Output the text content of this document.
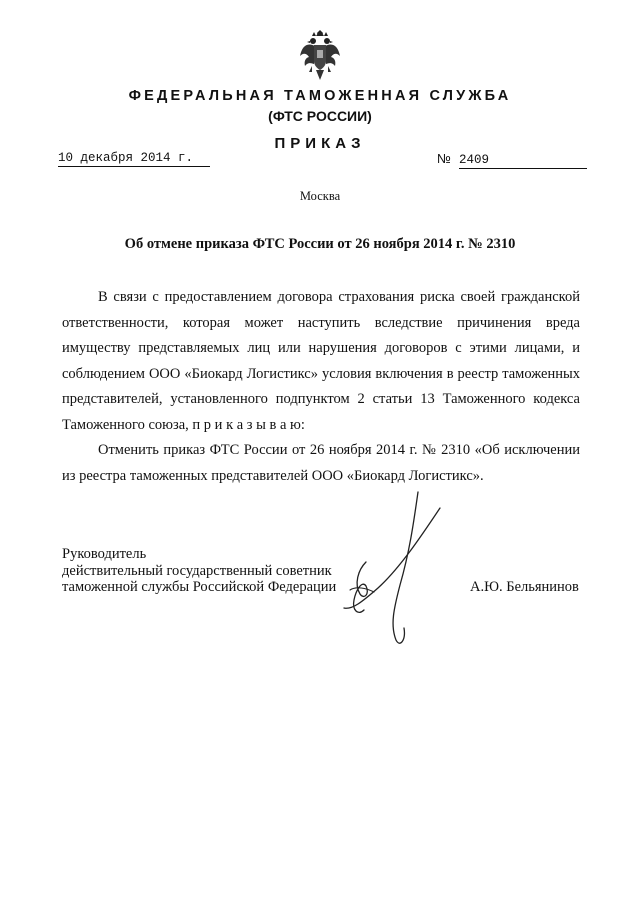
ФЕДЕРАЛЬНАЯ ТАМОЖЕННАЯ СЛУЖБА
(ФТС РОССИИ)
ПРИКАЗ
10 декабря 2014 г.	№ 2409
Москва
Об отмене приказа ФТС России от 26 ноября 2014 г. № 2310

В связи с предоставлением договора страхования риска своей гражданской ответственности, которая может наступить вследствие причинения вреда имуществу представляемых лиц или нарушения договоров с этими лицами, и соблюдением ООО «Биокард Логистикс» условия включения в реестр таможенных представителей, установленного подпунктом 2 статьи 13 Таможенного кодекса Таможенного союза, п р и к а з ы в а ю:

Отменить приказ ФТС России от 26 ноября 2014 г. № 2310 «Об исключении из реестра таможенных представителей ООО «Биокард Логистикс».

Руководитель
действительный государственный советник
таможенной службы Российской Федерации	А.Ю. Бельянинов
